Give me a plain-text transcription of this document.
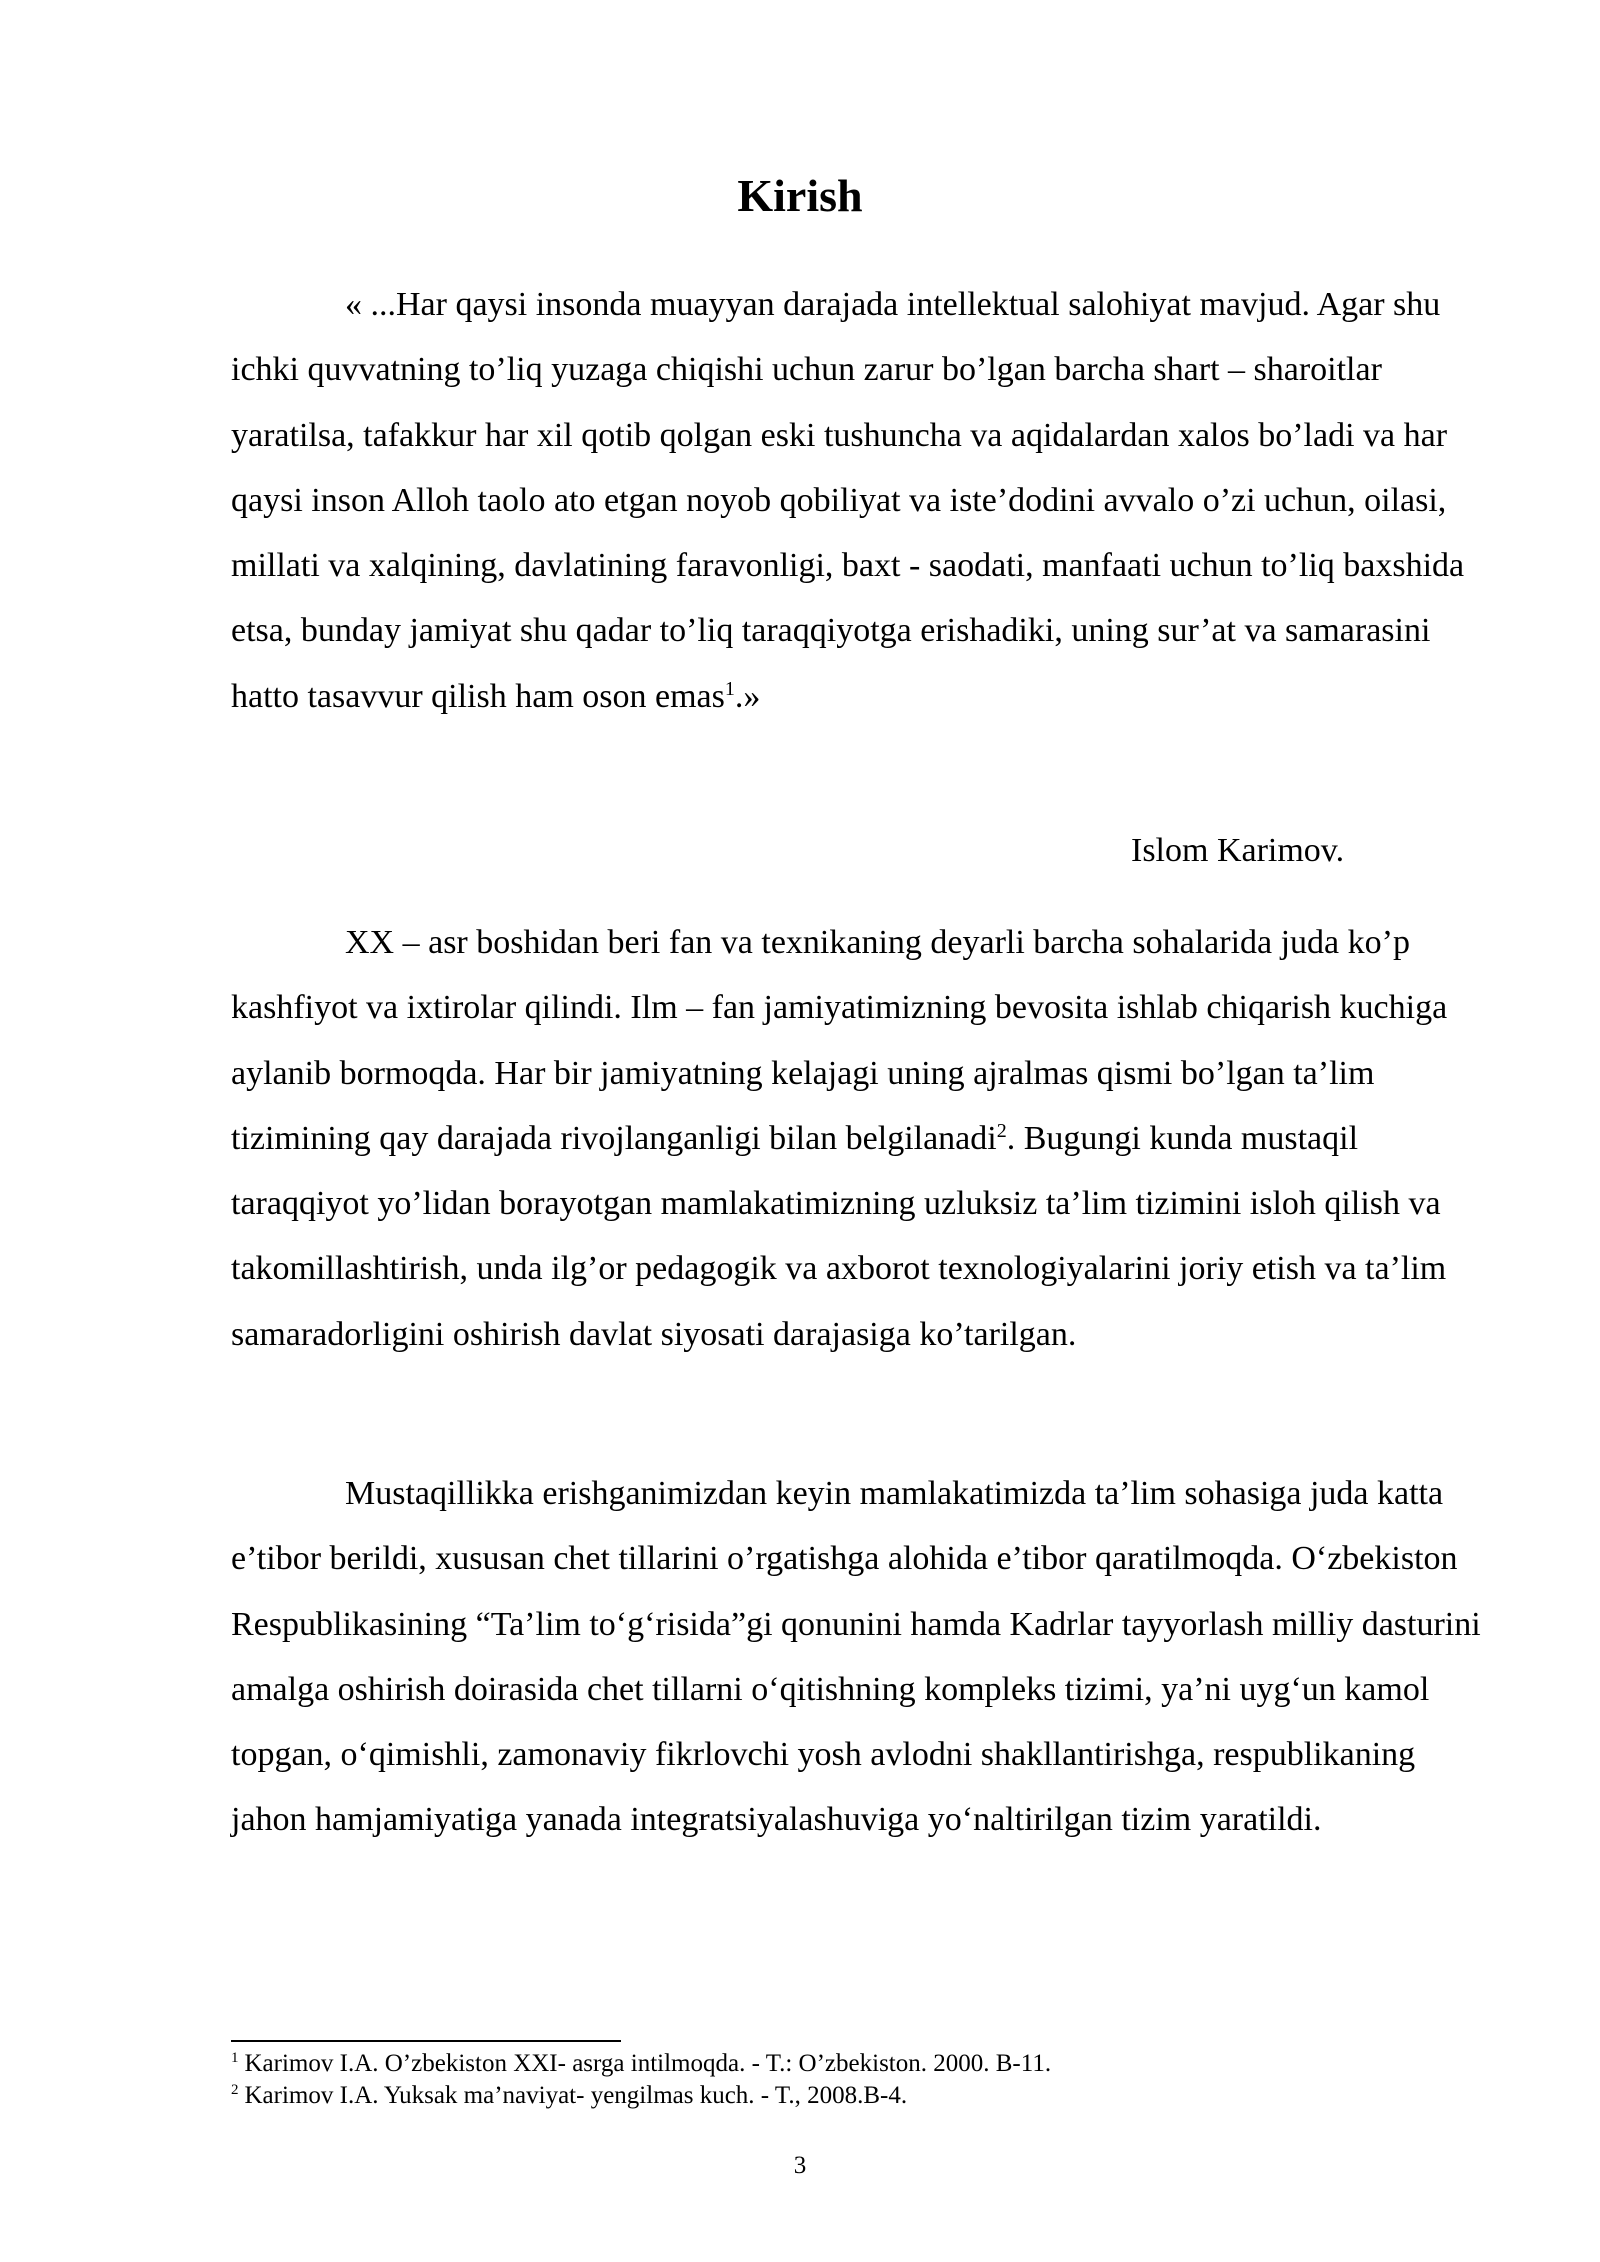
Kirish

« ...Har qaysi insonda muayyan darajada intellektual salohiyat mavjud. Agar shu ichki quvvatning to’liq yuzaga chiqishi uchun zarur bo’lgan barcha shart – sharoitlar yaratilsa, tafakkur har xil qotib qolgan eski tushuncha va aqidalardan xalos bo’ladi va har qaysi inson Alloh taolo ato etgan noyob qobiliyat va iste’dodini avvalo o’zi uchun, oilasi, millati va xalqining, davlatining faravonligi, baxt - saodati, manfaati uchun to’liq baxshida etsa, bunday jamiyat shu qadar to’liq taraqqiyotga erishadiki, uning sur’at va samarasini hatto tasavvur qilish ham oson emas$^1$.»

Islom Karimov.

XX – asr boshidan beri fan va texnikaning deyarli barcha sohalarida juda ko’p kashfiyot va ixtirolar qilindi. Ilm – fan jamiyatimizning bevosita ishlab chiqarish kuchiga aylanib bormoqda. Har bir jamiyatning kelajagi uning ajralmas qismi bo’lgan ta’lim tizimining qay darajada rivojlanganligi bilan belgilanadi$^2$. Bugungi kunda mustaqil taraqqiyot yo’lidan borayotgan mamlakatimizning uzluksiz ta’lim tizimini isloh qilish va takomillashtirish, unda ilg’or pedagogik va axborot texnologiyalarini joriy etish va ta’lim samaradorligini oshirish davlat siyosati darajasiga ko’tarilgan.

Mustaqillikka erishganimizdan keyin mamlakatimizda ta’lim sohasiga juda katta e’tibor berildi, xususan chet tillarini o’rgatishga alohida e’tibor qaratilmoqda. O‘zbekiston Respublikasining “Ta’lim to‘g‘risida”gi qonunini hamda Kadrlar tayyorlash milliy dasturini amalga oshirish doirasida chet tillarni o‘qitishning kompleks tizimi, ya’ni uyg‘un kamol topgan, o‘qimishli, zamonaviy fikrlovchi yosh avlodni shakllantirishga, respublikaning jahon hamjamiyatiga yanada integratsiyalashuviga yo‘naltirilgan tizim yaratildi.

$^1$ Karimov I.A. O’zbekiston XXI- asrga intilmoqda. - T.: O’zbekiston. 2000. B-11.
$^2$ Karimov I.A. Yuksak ma’naviyat- yengilmas kuch. - T., 2008.B-4.

3
